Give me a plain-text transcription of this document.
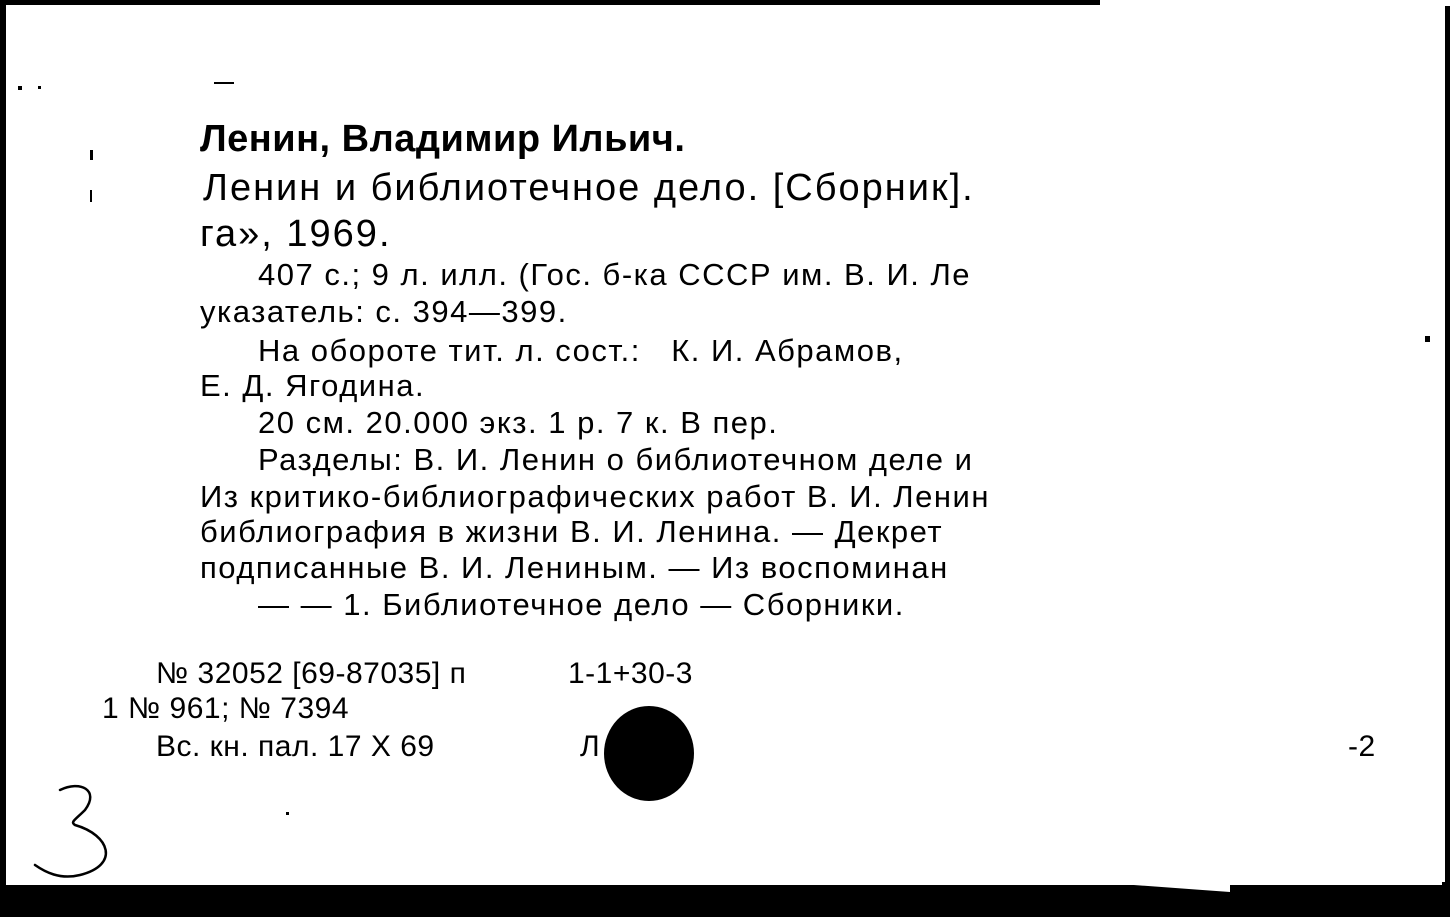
Ленин, Владимир Ильич.
Ленин и библиотечное дело. [Сборник].
га», 1969.
407 с.; 9 л. илл. (Гос. б-ка СССР им. В. И. Ле
указатель: с. 394—399.
На обороте тит. л. сост.:   К. И. Абрамов,
Е. Д. Ягодина.
20 см. 20.000 экз. 1 р. 7 к. В пер.
Разделы: В. И. Ленин о библиотечном деле и
Из критико-библиографических работ В. И. Ленин
библиография в жизни В. И. Ленина. — Декрет
подписанные В. И. Лениным. — Из воспоминан
— — 1. Библиотечное дело — Сборники.
№ 32052 [69-87035] п	1-1+30-3
1 № 961; № 7394
Вс. кн. пал. 17 X 69	Л	-2
